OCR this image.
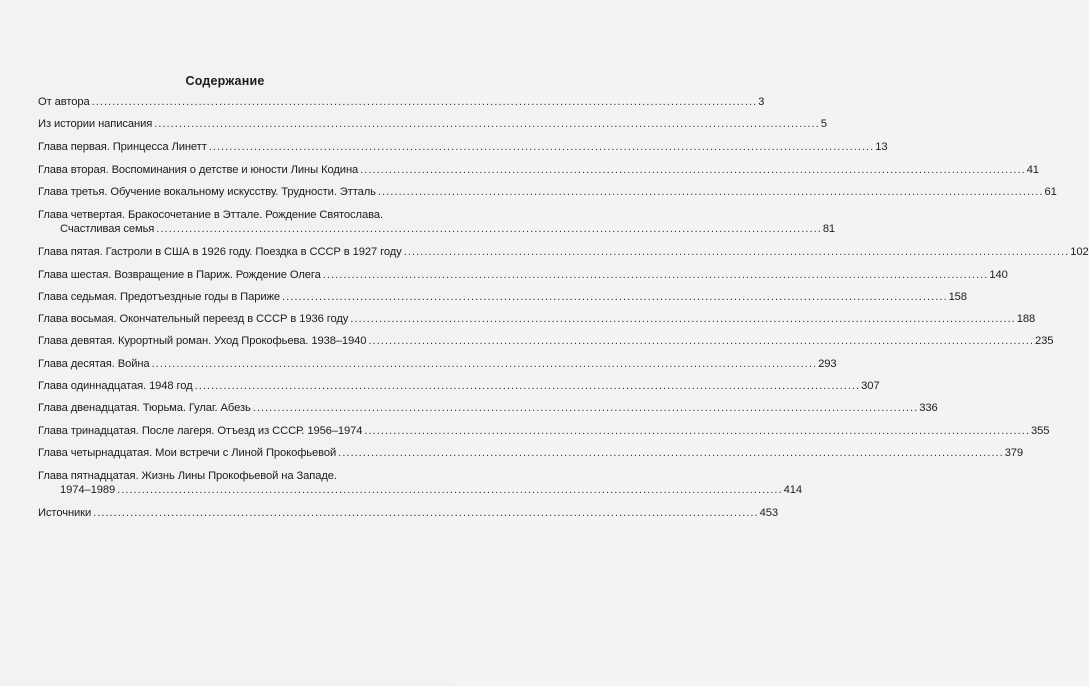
Содержание
От автора .....	3
Из истории написания .....	5
Глава первая. Принцесса Линетт .....	13
Глава вторая. Воспоминания о детстве и юности Лины Кодина .....	41
Глава третья. Обучение вокальному искусству. Трудности. Этталь .....	61
Глава четвертая. Бракосочетание в Эттале. Рождение Святослава.
Счастливая семья .....	81
Глава пятая. Гастроли в США в 1926 году. Поездка в СССР в 1927 году .....	102
Глава шестая. Возвращение в Париж. Рождение Олега .....	140
Глава седьмая. Предотъездные годы в Париже .....	158
Глава восьмая. Окончательный переезд в СССР в 1936 году .....	188
Глава девятая. Курортный роман. Уход Прокофьева. 1938–1940 .....	235
Глава десятая. Война .....	293
Глава одиннадцатая. 1948 год .....	307
Глава двенадцатая. Тюрьма. Гулаг. Абезь .....	336
Глава тринадцатая. После лагеря. Отъезд из СССР. 1956–1974 .....	355
Глава четырнадцатая. Мои встречи с Линой Прокофьевой .....	379
Глава пятнадцатая. Жизнь Лины Прокофьевой на Западе.
1974–1989 .....	414
Источники .....	453
